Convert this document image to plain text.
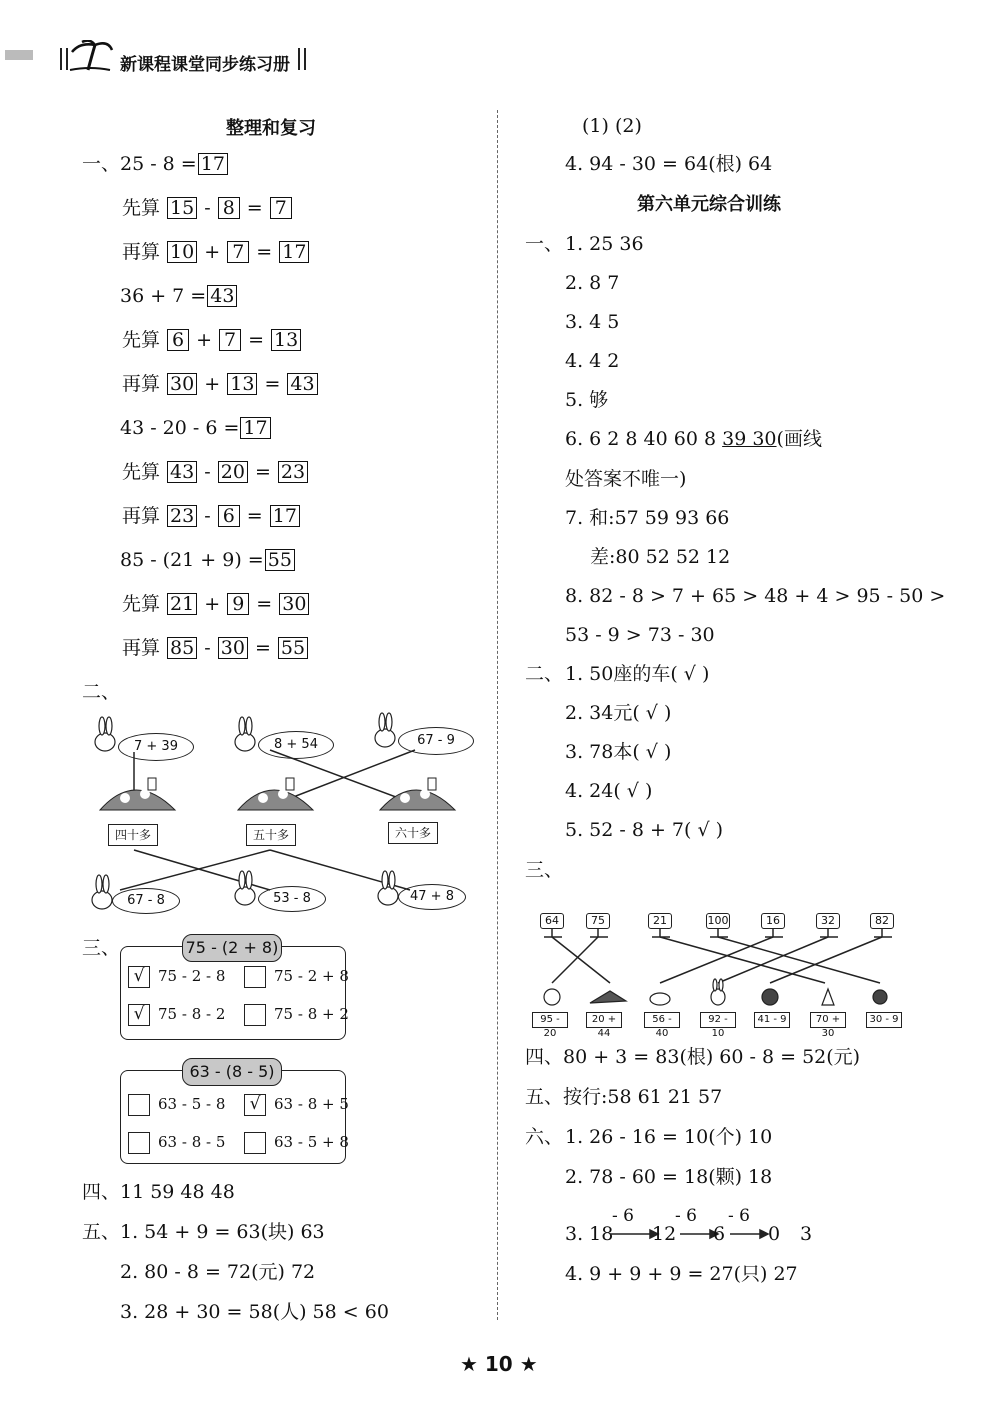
新课程课堂同步练习册
整理和复习
一、 25 - 8 = 17
先算 15 - 8 = 7
再算 10 + 7 = 17
36 + 7 = 43
先算 6 + 7 = 13
再算 30 + 13 = 43
43 - 20 - 6 = 17
先算 43 - 20 = 23
再算 23 - 6 = 17
85 - (21 + 9) = 55
先算 21 + 9 = 30
再算 85 - 30 = 55
二、
7 + 39	8 + 54	67 - 9
四十多	五十多	六十多
67 - 8	53 - 8	47 + 8
三、	75 - (2 + 8)
√ 75 - 2 - 8	75 - 2 + 8
√ 75 - 8 - 2	75 - 8 + 2
63 - (8 - 5)
63 - 5 - 8	√ 63 - 8 + 5
63 - 8 - 5	63 - 5 + 8
四、11 59 48 48
五、 1. 54 + 9 = 63(块) 63
2. 80 - 8 = 72(元) 72
3. 28 + 30 = 58(人) 58 < 60
(1) (2)
4. 94 - 30 = 64(根) 64
第六单元综合训练
一、 1. 25 36
2. 8 7
3. 4 5
4. 4 2
5. 够
6. 6 2 8 40 60 8 39 30(画线
处答案不唯一)
7. 和:57 59 93 66
差:80 52 52 12
8. 82 - 8 > 7 + 65 > 48 + 4 > 95 - 50 >
53 - 9 > 73 - 30
二、 1. 50座的车( √ )
2. 34元( √ )
3. 78本( √ )
4. 24( √ )
5. 52 - 8 + 7( √ )
三、
64	75	21	100	16	32	82
95 - 20
20 + 44
56 - 40
92 - 10
41 - 9	70 + 30
30 - 9
四、80 + 3 = 83(根) 60 - 8 = 52(元)
五、按行:58 61 21 57
六、 1. 26 - 16 = 10(个) 10
2. 78 - 60 = 18(颗) 18
3. 18
- 6 - 6 - 6
12 6 0 3
4. 9 + 9 + 9 = 27(只) 27
★ 10 ★
